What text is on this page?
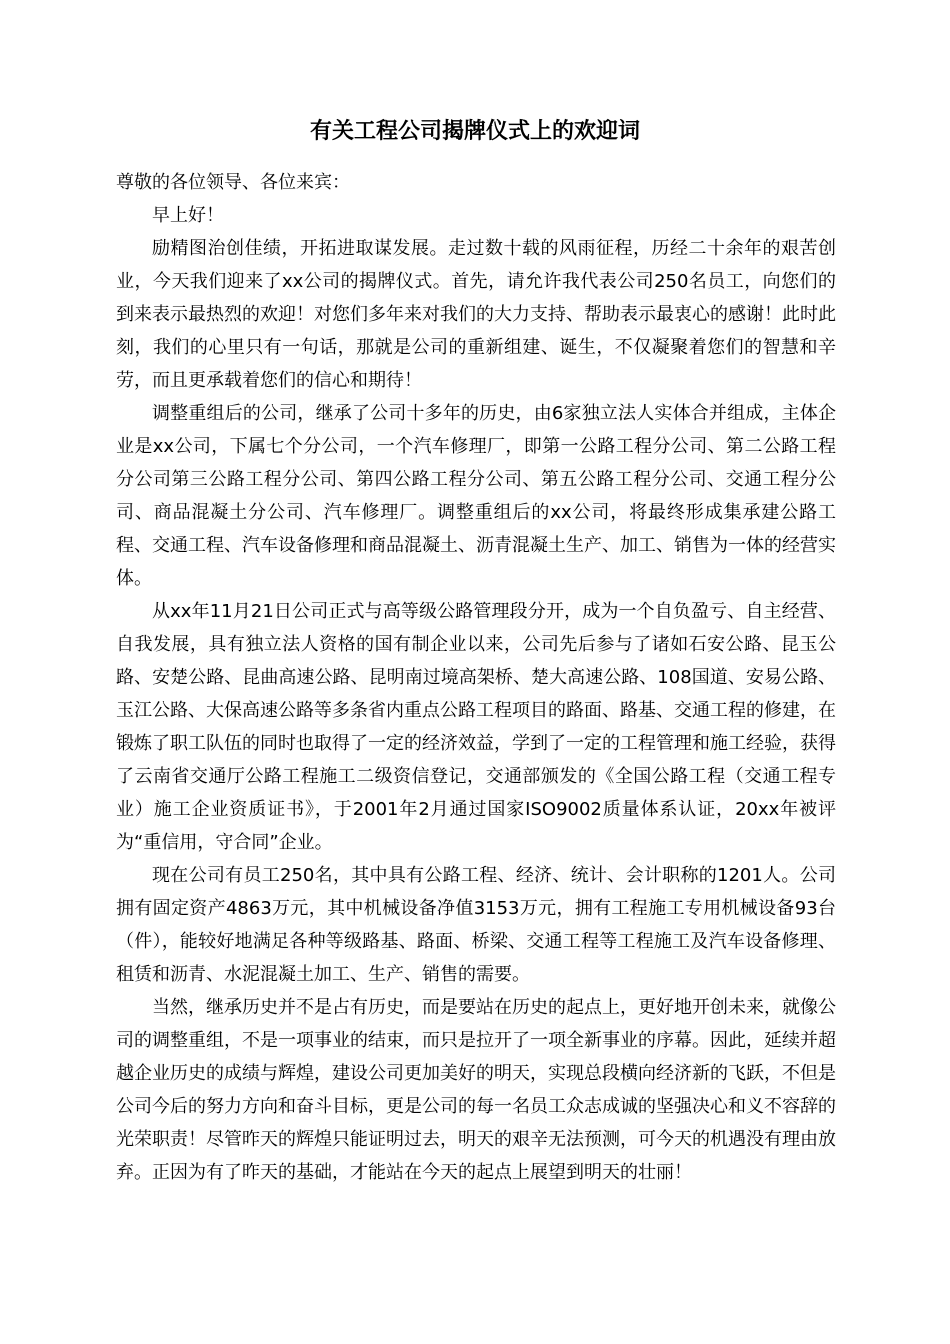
有关工程公司揭牌仪式上的欢迎词

尊敬的各位领导、各位来宾：

早上好！

励精图治创佳绩，开拓进取谋发展。走过数十载的风雨征程，历经二十余年的艰苦创业，今天我们迎来了xx公司的揭牌仪式。首先，请允许我代表公司250名员工，向您们的到来表示最热烈的欢迎！对您们多年来对我们的大力支持、帮助表示最衷心的感谢！此时此刻，我们的心里只有一句话，那就是公司的重新组建、诞生，不仅凝聚着您们的智慧和辛劳，而且更承载着您们的信心和期待！

调整重组后的公司，继承了公司十多年的历史，由6家独立法人实体合并组成，主体企业是xx公司，下属七个分公司，一个汽车修理厂，即第一公路工程分公司、第二公路工程分公司第三公路工程分公司、第四公路工程分公司、第五公路工程分公司、交通工程分公司、商品混凝土分公司、汽车修理厂。调整重组后的xx公司，将最终形成集承建公路工程、交通工程、汽车设备修理和商品混凝土、沥青混凝土生产、加工、销售为一体的经营实体。

从xx年11月21日公司正式与高等级公路管理段分开，成为一个自负盈亏、自主经营、自我发展，具有独立法人资格的国有制企业以来，公司先后参与了诸如石安公路、昆玉公路、安楚公路、昆曲高速公路、昆明南过境高架桥、楚大高速公路、108国道、安易公路、玉江公路、大保高速公路等多条省内重点公路工程项目的路面、路基、交通工程的修建，在锻炼了职工队伍的同时也取得了一定的经济效益，学到了一定的工程管理和施工经验，获得了云南省交通厅公路工程施工二级资信登记，交通部颁发的《全国公路工程（交通工程专业）施工企业资质证书》，于2001年2月通过国家ISO9002质量体系认证，20xx年被评为“重信用，守合同”企业。

现在公司有员工250名，其中具有公路工程、经济、统计、会计职称的1201人。公司拥有固定资产4863万元，其中机械设备净值3153万元，拥有工程施工专用机械设备93台（件），能较好地满足各种等级路基、路面、桥梁、交通工程等工程施工及汽车设备修理、租赁和沥青、水泥混凝土加工、生产、销售的需要。

当然，继承历史并不是占有历史，而是要站在历史的起点上，更好地开创未来，就像公司的调整重组，不是一项事业的结束，而只是拉开了一项全新事业的序幕。因此，延续并超越企业历史的成绩与辉煌，建设公司更加美好的明天，实现总段横向经济新的飞跃，不但是公司今后的努力方向和奋斗目标，更是公司的每一名员工众志成诚的坚强决心和义不容辞的光荣职责！尽管昨天的辉煌只能证明过去，明天的艰辛无法预测，可今天的机遇没有理由放弃。正因为有了昨天的基础，才能站在今天的起点上展望到明天的壮丽！
